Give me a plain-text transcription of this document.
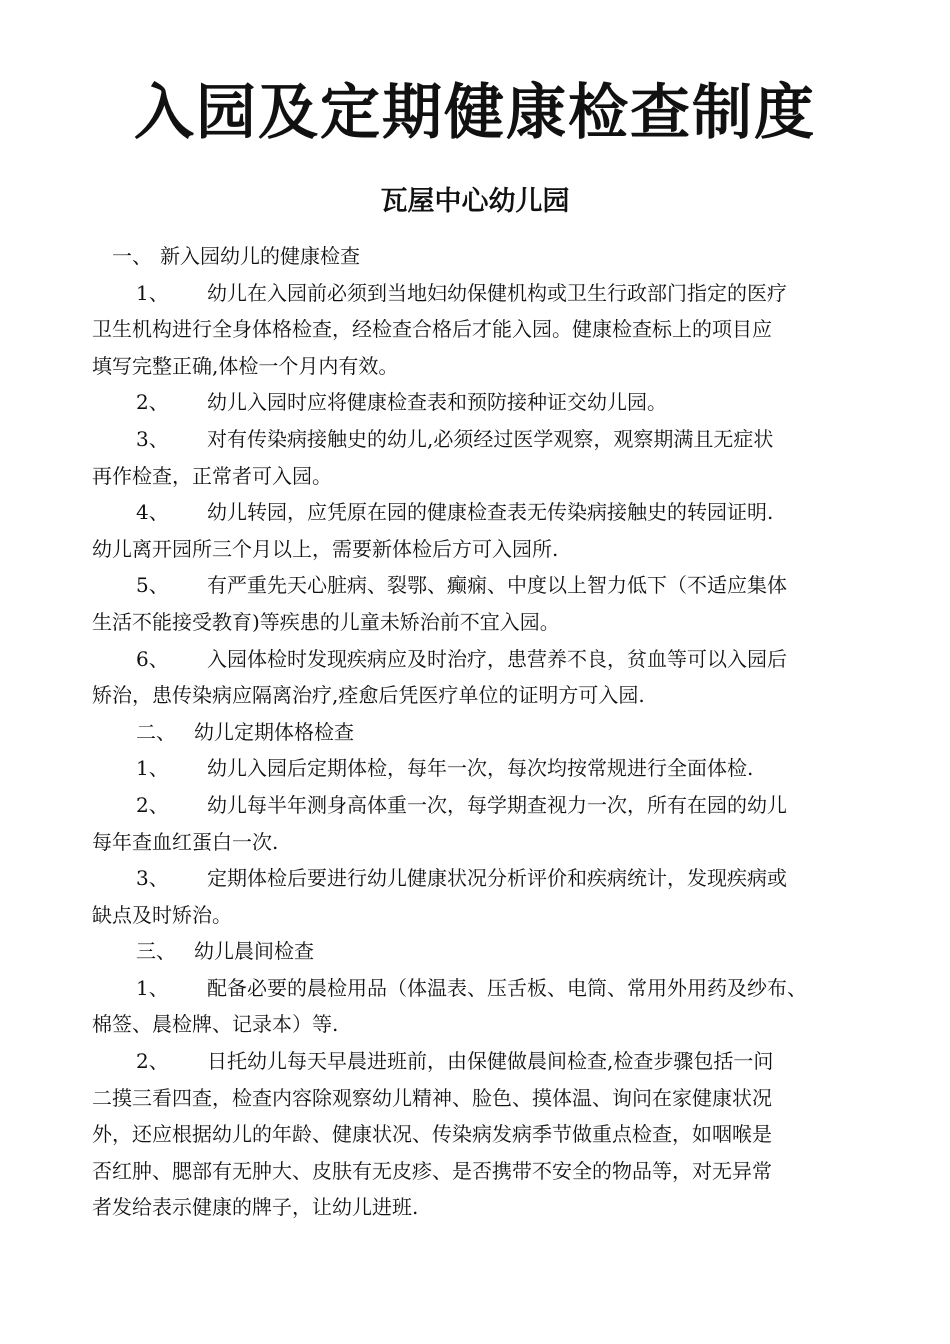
入园及定期健康检查制度
瓦屋中心幼儿园
一、 新入园幼儿的健康检查
1、 幼儿在入园前必须到当地妇幼保健机构或卫生行政部门指定的医疗
卫生机构进行全身体格检查，经检查合格后才能入园。健康检查标上的项目应
填写完整正确,体检一个月内有效。
2、 幼儿入园时应将健康检查表和预防接种证交幼儿园。
3、 对有传染病接触史的幼儿,必须经过医学观察，观察期满且无症状
再作检查，正常者可入园。
4、 幼儿转园，应凭原在园的健康检查表无传染病接触史的转园证明.
幼儿离开园所三个月以上，需要新体检后方可入园所.
5、 有严重先天心脏病、裂鄂、癫痫、中度以上智力低下（不适应集体
生活不能接受教育)等疾患的儿童未矫治前不宜入园。
6、 入园体检时发现疾病应及时治疗，患营养不良，贫血等可以入园后
矫治，患传染病应隔离治疗,痊愈后凭医疗单位的证明方可入园.
二、 幼儿定期体格检查
1、 幼儿入园后定期体检，每年一次，每次均按常规进行全面体检.
2、 幼儿每半年测身高体重一次，每学期查视力一次，所有在园的幼儿
每年查血红蛋白一次.
3、 定期体检后要进行幼儿健康状况分析评价和疾病统计，发现疾病或
缺点及时矫治。
三、 幼儿晨间检查
1、 配备必要的晨检用品（体温表、压舌板、电筒、常用外用药及纱布、
棉签、晨检牌、记录本）等.
2、 日托幼儿每天早晨进班前，由保健做晨间检查,检查步骤包括一问
二摸三看四查，检查内容除观察幼儿精神、脸色、摸体温、询问在家健康状况
外，还应根据幼儿的年龄、健康状况、传染病发病季节做重点检查，如咽喉是
否红肿、腮部有无肿大、皮肤有无皮疹、是否携带不安全的物品等，对无异常
者发给表示健康的牌子，让幼儿进班.
